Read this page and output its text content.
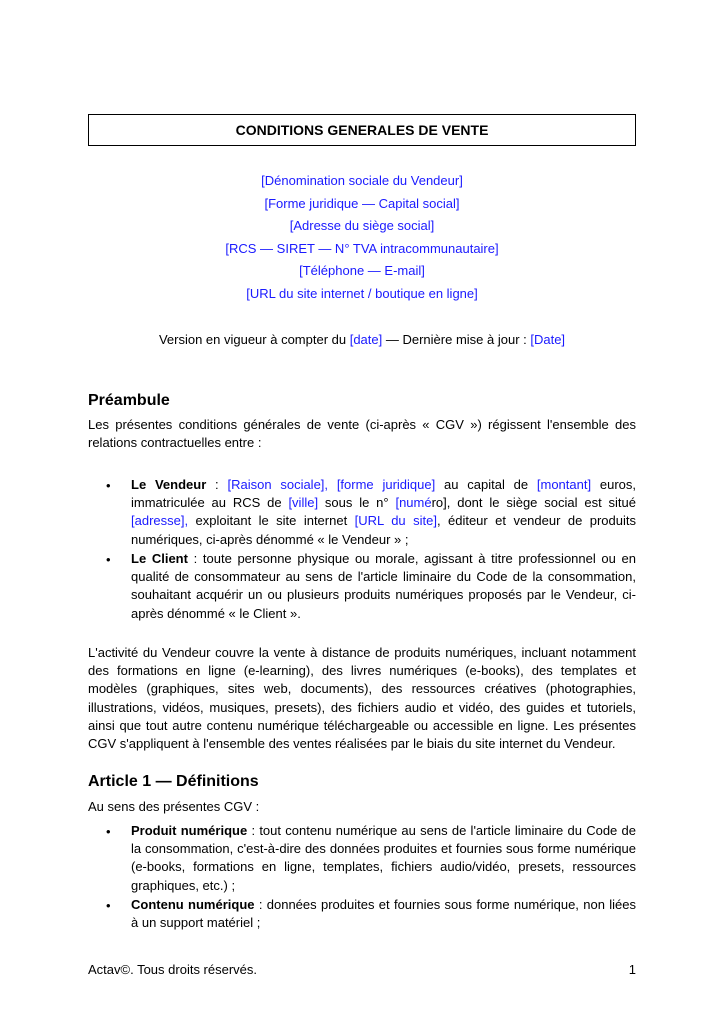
CONDITIONS GENERALES DE VENTE
[Dénomination sociale du Vendeur]
[Forme juridique — Capital social]
[Adresse du siège social]
[RCS — SIRET — N° TVA intracommunautaire]
[Téléphone — E-mail]
[URL du site internet / boutique en ligne]
Version en vigueur à compter du [date] — Dernière mise à jour : [Date]
Préambule

Les présentes conditions générales de vente (ci-après « CGV ») régissent l'ensemble des relations contractuelles entre :

• Le Vendeur : [Raison sociale], [forme juridique] au capital de [montant] euros, immatriculée au RCS de [ville] sous le n° [numéro], dont le siège social est situé [adresse], exploitant le site internet [URL du site], éditeur et vendeur de produits numériques, ci-après dénommé « le Vendeur » ;

• Le Client : toute personne physique ou morale, agissant à titre professionnel ou en qualité de consommateur au sens de l'article liminaire du Code de la consommation, souhaitant acquérir un ou plusieurs produits numériques proposés par le Vendeur, ci-après dénommé « le Client ».

L'activité du Vendeur couvre la vente à distance de produits numériques, incluant notamment des formations en ligne (e-learning), des livres numériques (e-books), des templates et modèles (graphiques, sites web, documents), des ressources créatives (photographies, illustrations, vidéos, musiques, presets), des fichiers audio et vidéo, des guides et tutoriels, ainsi que tout autre contenu numérique téléchargeable ou accessible en ligne. Les présentes CGV s'appliquent à l'ensemble des ventes réalisées par le biais du site internet du Vendeur.

Article 1 — Définitions

Au sens des présentes CGV :

• Produit numérique : tout contenu numérique au sens de l'article liminaire du Code de la consommation, c'est-à-dire des données produites et fournies sous forme numérique (e-books, formations en ligne, templates, fichiers audio/vidéo, presets, ressources graphiques, etc.) ;

• Contenu numérique : données produites et fournies sous forme numérique, non liées à un support matériel ;

Actav©. Tous droits réservés.	1
